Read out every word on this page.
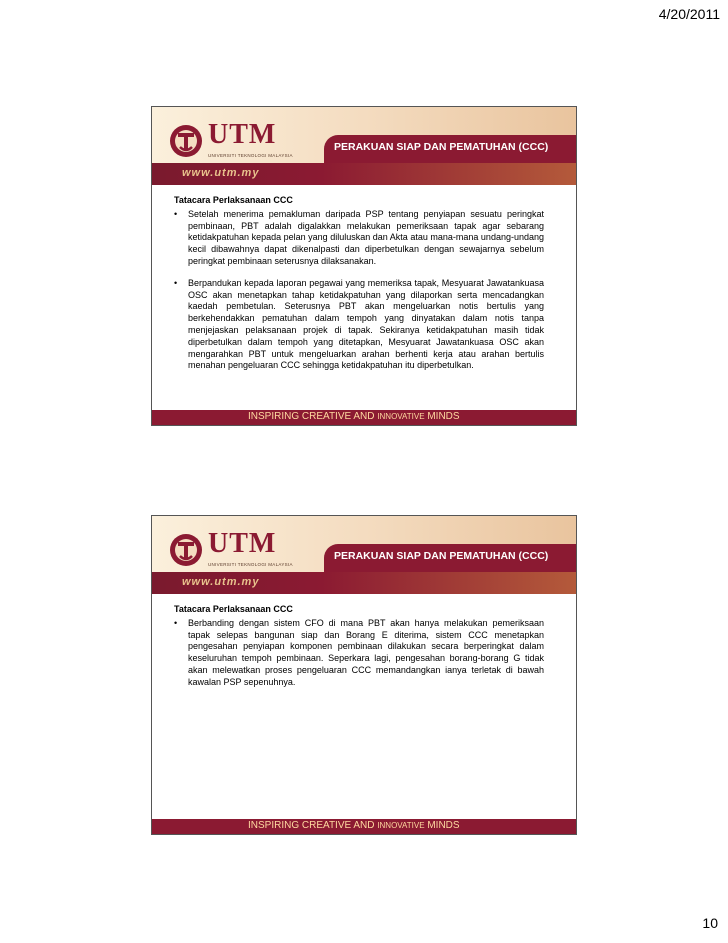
4/20/2011
PERAKUAN SIAP DAN PEMATUHAN (CCC)
www.utm.my
UTM
UNIVERSITI TEKNOLOGI MALAYSIA
Tatacara Perlaksanaan CCC
•	Setelah menerima pemakluman daripada PSP tentang penyiapan sesuatu peringkat pembinaan, PBT adalah digalakkan melakukan pemeriksaan tapak agar sebarang ketidakpatuhan kepada pelan yang diluluskan dan Akta atau mana-mana undang-undang kecil dibawahnya dapat dikenalpasti dan diperbetulkan dengan sewajarnya sebelum peringkat pembinaan seterusnya dilaksanakan.
•	Berpandukan kepada laporan pegawai yang memeriksa tapak, Mesyuarat Jawatankuasa OSC akan menetapkan tahap ketidakpatuhan yang dilaporkan serta mencadangkan kaedah pembetulan. Seterusnya PBT akan mengeluarkan notis bertulis yang berkehendakkan pematuhan dalam tempoh yang dinyatakan dalam notis tanpa menjejaskan pelaksanaan projek di tapak. Sekiranya ketidakpatuhan masih tidak diperbetulkan dalam tempoh yang ditetapkan, Mesyuarat Jawatankuasa OSC akan mengarahkan PBT untuk mengeluarkan arahan berhenti kerja atau arahan bertulis menahan pengeluaran CCC sehingga ketidakpatuhan itu diperbetulkan.
INSPIRING CREATIVE AND INNOVATIVE MINDS
PERAKUAN SIAP DAN PEMATUHAN (CCC)
www.utm.my
UTM
UNIVERSITI TEKNOLOGI MALAYSIA
Tatacara Perlaksanaan CCC
•	Berbanding dengan sistem CFO di mana PBT akan hanya melakukan pemeriksaan tapak selepas bangunan siap dan Borang E diterima, sistem CCC menetapkan pengesahan penyiapan komponen pembinaan dilakukan secara berperingkat dalam keseluruhan tempoh pembinaan. Seperkara lagi, pengesahan borang-borang G tidak akan melewatkan proses pengeluaran CCC memandangkan ianya terletak di bawah kawalan PSP sepenuhnya.
INSPIRING CREATIVE AND INNOVATIVE MINDS
10
